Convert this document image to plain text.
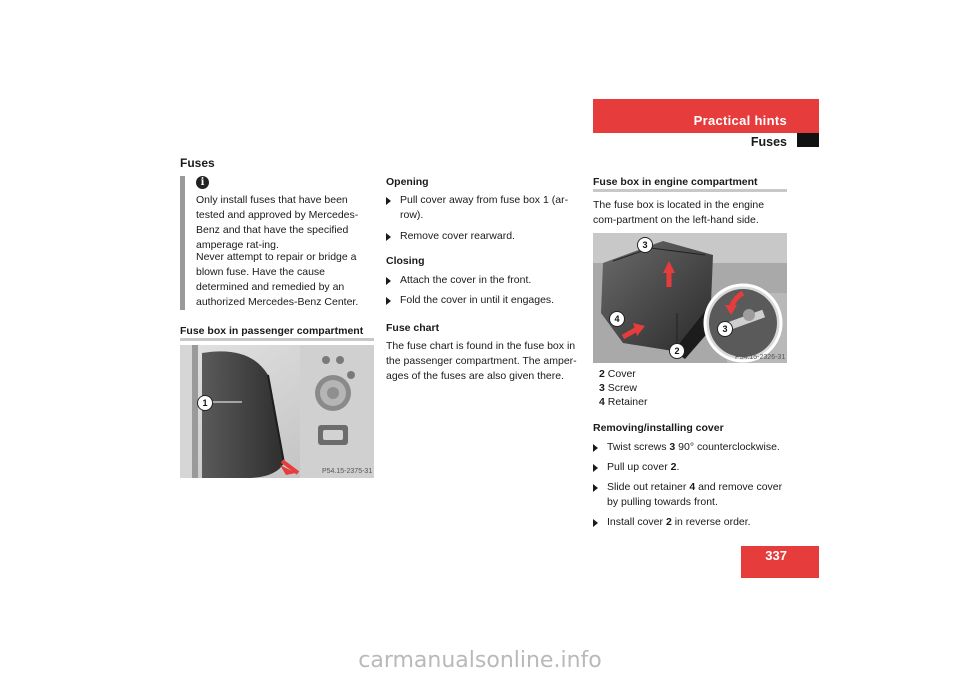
Practical hints
Fuses
Fuses
i
Only install fuses that have been tested and approved by Mercedes-Benz and that have the specified amperage rat-ing.
Never attempt to repair or bridge a blown fuse. Have the cause determined and remedied by an authorized Mercedes-Benz Center.
Fuse box in passenger compartment
1
P54.15-2375-31
Opening
Pull cover away from fuse box 1 (ar-row).
Remove cover rearward.
Closing
Attach the cover in the front.
Fold the cover in until it engages.
Fuse chart
The fuse chart is found in the fuse box in the passenger compartment. The amper-ages of the fuses are also given there.
Fuse box in engine compartment
The fuse box is located in the engine com-partment on the left-hand side.
3
4
3
2
P54.15-2326-31
2 Cover
3 Screw
4 Retainer
Removing/installing cover
Twist screws 3 90° counterclockwise.
Pull up cover 2.
Slide out retainer 4 and remove cover by pulling towards front.
Install cover 2 in reverse order.
337
carmanualsonline.info
